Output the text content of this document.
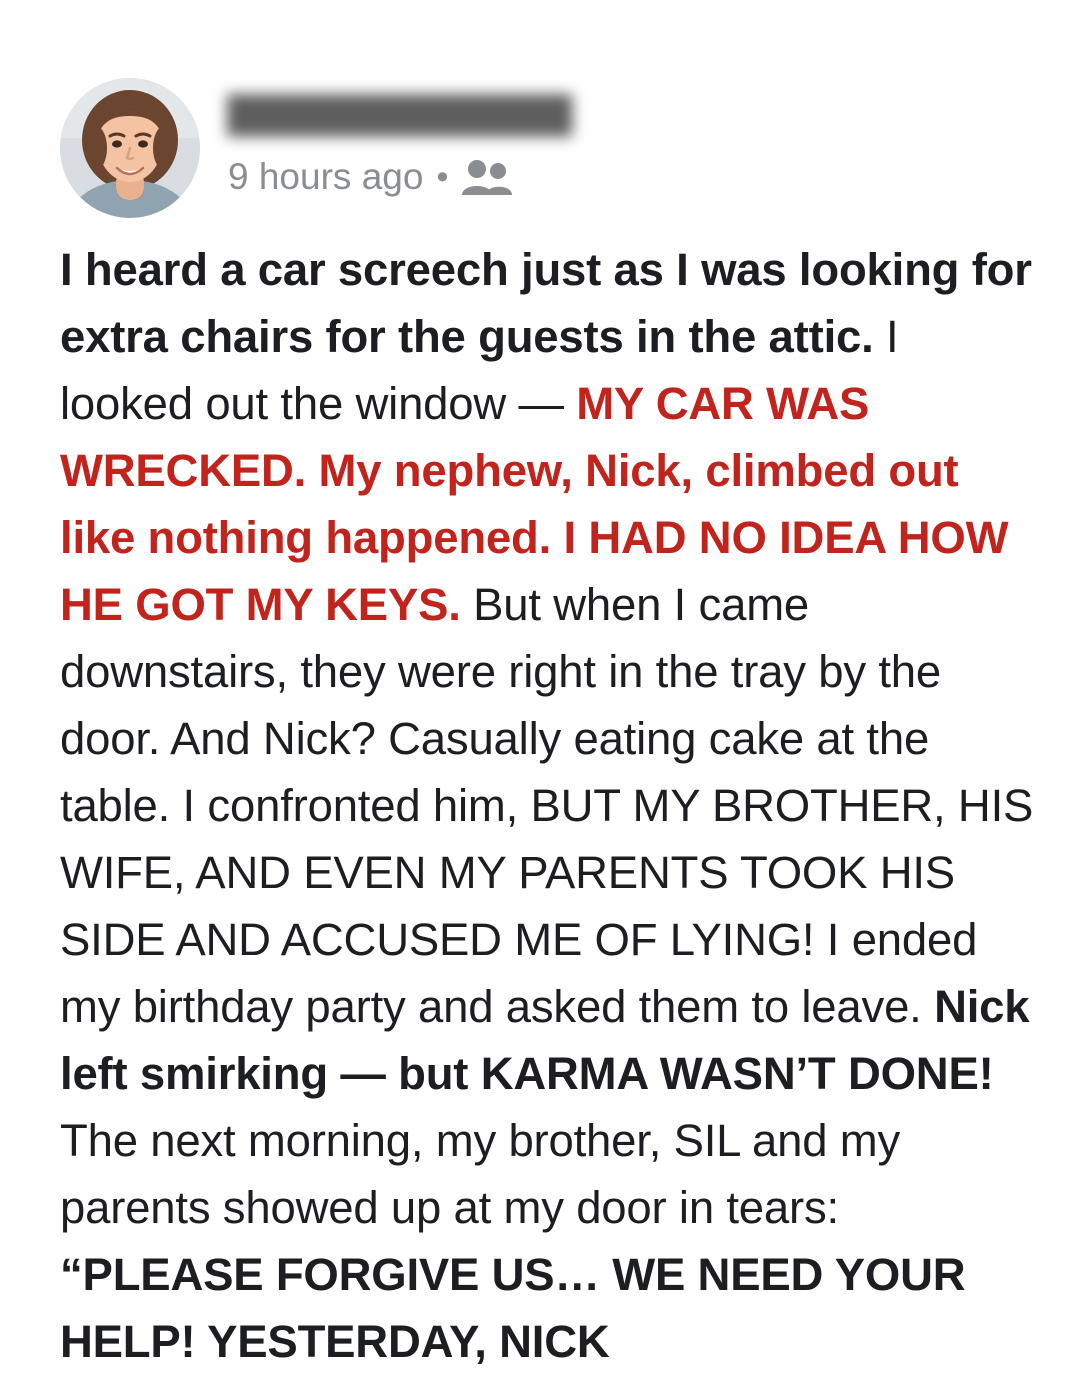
▇▇▇▇▇▇▇▇▇▇▇
9 hours ago •
I heard a car screech just as I was looking for extra chairs for the guests in the attic. I looked out the window — MY CAR WAS WRECKED. My nephew, Nick, climbed out like nothing happened. I HAD NO IDEA HOW HE GOT MY KEYS. But when I came downstairs, they were right in the tray by the door. And Nick? Casually eating cake at the table. I confronted him, BUT MY BROTHER, HIS WIFE, AND EVEN MY PARENTS TOOK HIS SIDE AND ACCUSED ME OF LYING! I ended my birthday party and asked them to leave. Nick left smirking — but KARMA WASN’T DONE! The next morning, my brother, SIL and my parents showed up at my door in tears: “PLEASE FORGIVE US… WE NEED YOUR HELP! YESTERDAY, NICK
